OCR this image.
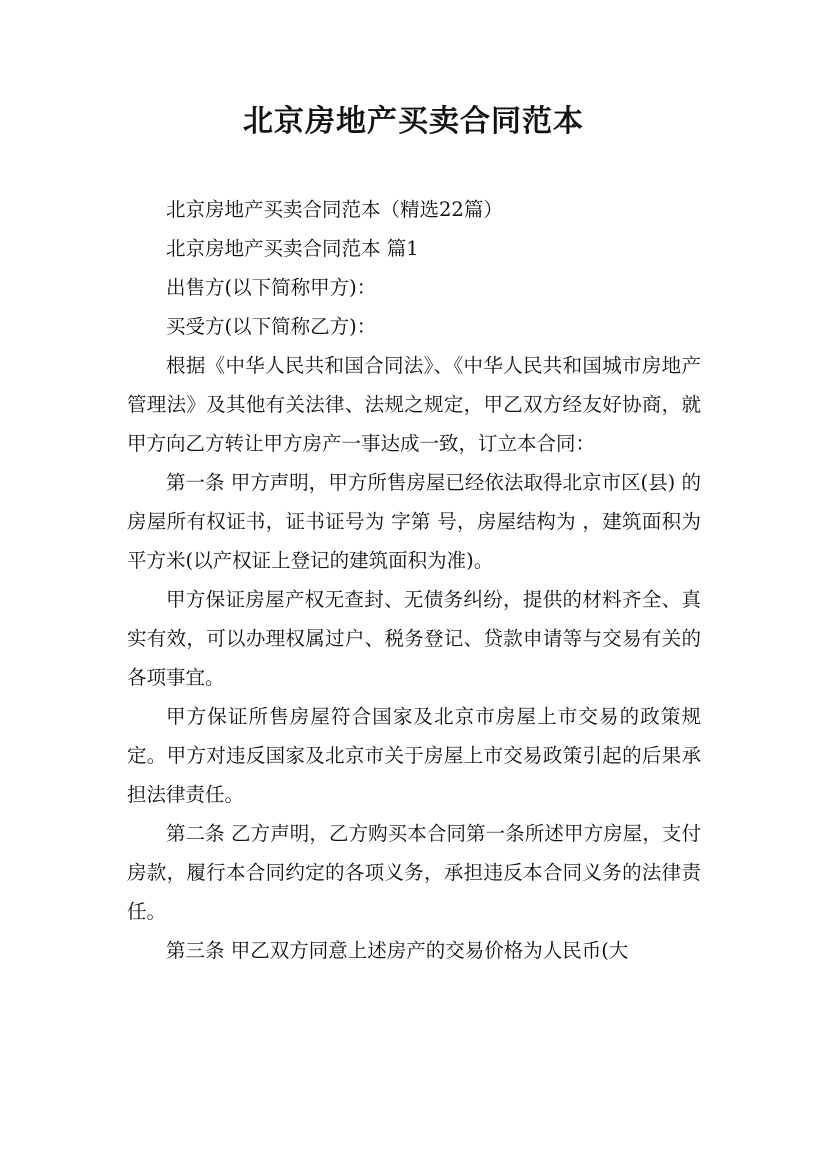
北京房地产买卖合同范本

北京房地产买卖合同范本（精选22篇）

北京房地产买卖合同范本 篇1

出售方(以下简称甲方)：

买受方(以下简称乙方)：

根据《中华人民共和国合同法》、《中华人民共和国城市房地产管理法》及其他有关法律、法规之规定，甲乙双方经友好协商，就甲方向乙方转让甲方房产一事达成一致，订立本合同：

第一条 甲方声明，甲方所售房屋已经依法取得北京市区(县) 的房屋所有权证书，证书证号为 字第 号，房屋结构为 ，建筑面积为 平方米(以产权证上登记的建筑面积为准)。

甲方保证房屋产权无查封、无债务纠纷，提供的材料齐全、真实有效，可以办理权属过户、税务登记、贷款申请等与交易有关的各项事宜。

甲方保证所售房屋符合国家及北京市房屋上市交易的政策规定。甲方对违反国家及北京市关于房屋上市交易政策引起的后果承担法律责任。

第二条 乙方声明，乙方购买本合同第一条所述甲方房屋，支付房款，履行本合同约定的各项义务，承担违反本合同义务的法律责任。

第三条 甲乙双方同意上述房产的交易价格为人民币(大
